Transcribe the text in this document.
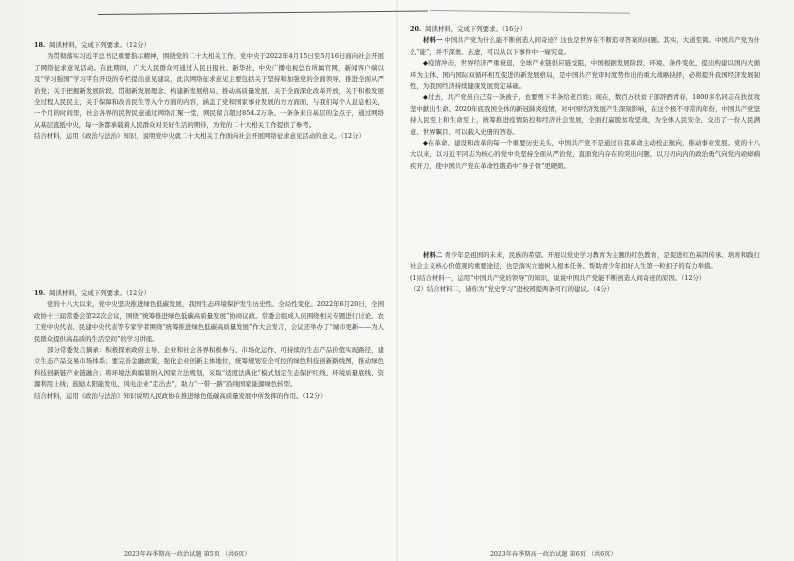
18. 阅读材料，完成下列要求。（12分）

为贯彻落实习近平总书记重要指示精神，围绕党的二十大相关工作，党中央于2022年4月15日至5月16日面向社会开展了网络征求意见活动。在此期间，广大人民群众可通过人民日报社、新华社、中央广播电视总台所属官网，新闻客户端以及“学习强国”学习平台开设的专栏提出意见建议，此次网络征求意见主要包括关于坚持和加强党的全面领导，推进全面从严治党；关于把握新发展阶段、贯彻新发展理念、构建新发展格局、推动高质量发展，关于全面深化改革开放，关于积极发展全过程人民民主，关于保障和改善民生等入个方面的内容，涵盖了党和国家事业发展的方方面面，与我们每个人息息相关，一个月的时间里，社会各界的民智民意通过网络汇聚一堂，网民留言超过854.2万条。一条条来自基层的金点子，通过网络从基层直抵中央，每一条都承载着人民群众对美好生活的期待，为党的二十大相关工作提供了参考。

结合材料，运用《政治与法治》知识，说明党中央就二十大相关工作面向社会开展网络征求意见活动的意义。（12分）

19. 阅读材料，完成下列要求。（12分）

党的十八大以来，党中央坚决推进绿色低碳发展，我国生态环境保护发生历史性、全局性变化。2022年6月20日，全国政协十三届常委会第22次会议，围绕“统筹推进绿色低碳高质量发展”协商议政。常委会组成人员围绕相关专题进行讨论。农工党中央代表、民建中央代表等专家学者围绕“统筹推进绿色低碳高质量发展”作大会发言，会议还举办了“城市更新——为人民群众提供高品质的生活空间”的学习讲座。

部分常委发言摘录：积极探索政府主导、企业和社会各界积极参与、市场化运作、可持续的生态产品价值实现路径，建立生态产品交易市场体系；要完善金融政策，强化企业创新主体地位，统筹规划安全可控的绿色科技创新路线图，推动绿色科技创新链产业链融合；将环境法典编纂纳入国家立法规划，采取“适度法典化”模式划定生态保护红线、环境质量底线、资源利用上线；鼓励太阳能发电、风电企业“走出去”，助力“一带一路”沿线国家能源绿色转型。

结合材料，运用《政治与法治》知识说明人民政协在推进绿色低碳高质量发展中所发挥的作用。（12分）

2023年春季期高一政治试题 第5页 （共6页）

20. 阅读材料，完成下列要求。（16分）

材料一 中国共产党为什么能不断创造人间奇迹？这也是世界在不断追寻答案的问题。其实，大道至简。中国共产党为什么“能”，并不深奥、玄虚，可以从以下事件中一窥究竟。

◆疫情冲击，世界经济严重衰退，全球产业链供应链受阻，中国根据发展阶段、环境、条件变化，提出构建以国内大循环为主体、国内国际双循环相互促进的新发展格局，是中国共产党审时度势作出的重大战略抉择，必将提升我国经济发展韧性，为我国经济持续健康发展奠定基础。

◆过去，共产党员自己有一条被子，也要剪下半条给老百姓；现在，数百万扶贫干部辞酒青春，1800多名同志在扶贫攻坚中献出生命。2020年底我国全体的新冠肺炎疫情，对中国经济发展产生深刻影响，在这个极不寻常的年份，中国共产党坚持人民至上和生命至上，统筹推进疫情防控和经济社会发展，全面打赢脱贫攻坚战，为全体人民安全，交出了一份人民满意、世界瞩目、可以载入史册的答卷。

◆在革命、建设和改革的每一个重要历史关头，中国共产党不是通过自我革命主动校正航向，推动事业发展。党的十八大以来，以习近平同志为核心的党中央坚持全面从严治党，直面党内存在的突出问题，以刀刃向内的政治勇气向党内顽瘴痼疾开刀，使中国共产党在革命性锻造中“身子骨”更硬朗。

材料二 青少年是祖国的未来，民族的希望。开展以党史学习教育为主题的红色教育，是促进红色基因传承、培育和践行社会主义核心价值观的重要途径，也是落实立德树人根本任务、帮助青少年扣好人生第一粒扣子的有力举措。

(1)结合材料一，运用“中国共产党的领导”的知识，说说中国共产党能不断创造人间奇迹的原因。（12分）

（2）结合材料二，请你为“党史学习”进校园提两条可行的建议。（4分）

2023年春季期高一政治试题 第6页 （共6页）
